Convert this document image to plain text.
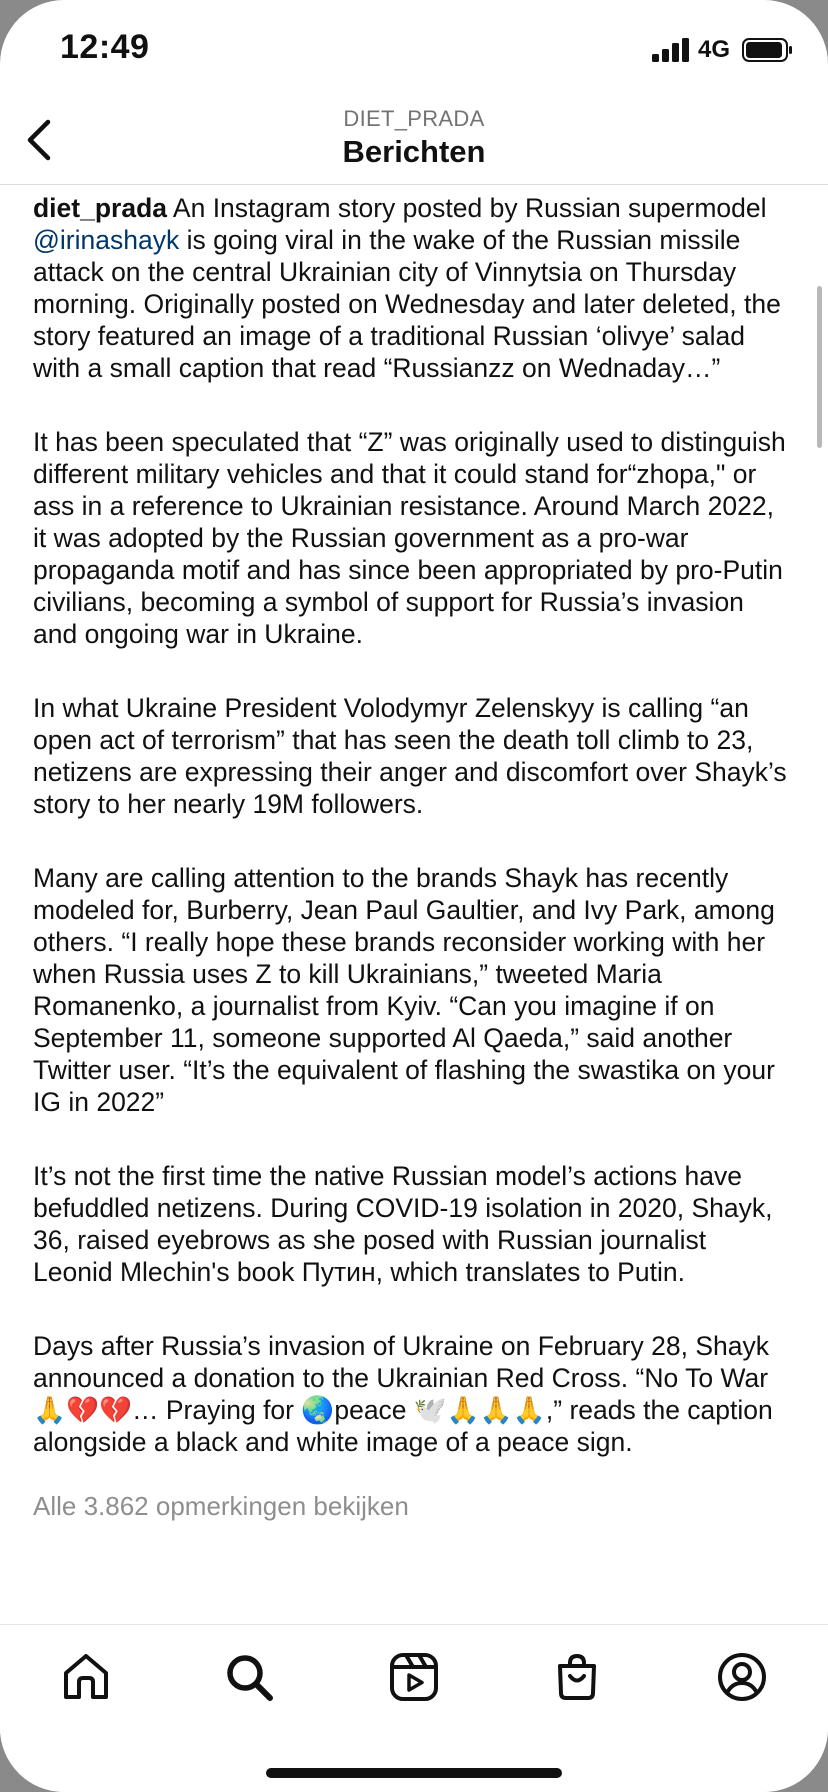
12:49	4G
DIET_PRADA
Berichten

diet_prada An Instagram story posted by Russian supermodel @irinashayk is going viral in the wake of the Russian missile attack on the central Ukrainian city of Vinnytsia on Thursday morning. Originally posted on Wednesday and later deleted, the story featured an image of a traditional Russian ‘olivye’ salad with a small caption that read “Russianzz on Wednaday…”

It has been speculated that “Z” was originally used to distinguish different military vehicles and that it could stand for“zhopa," or ass in a reference to Ukrainian resistance. Around March 2022, it was adopted by the Russian government as a pro-war propaganda motif and has since been appropriated by pro-Putin civilians, becoming a symbol of support for Russia’s invasion and ongoing war in Ukraine.

In what Ukraine President Volodymyr Zelenskyy is calling “an open act of terrorism” that has seen the death toll climb to 23, netizens are expressing their anger and discomfort over Shayk’s story to her nearly 19M followers.

Many are calling attention to the brands Shayk has recently modeled for, Burberry, Jean Paul Gaultier, and Ivy Park, among others. “I really hope these brands reconsider working with her when Russia uses Z to kill Ukrainians,” tweeted Maria Romanenko, a journalist from Kyiv. “Can you imagine if on September 11, someone supported Al Qaeda,” said another Twitter user. “It’s the equivalent of flashing the swastika on your IG in 2022”

It’s not the first time the native Russian model’s actions have befuddled netizens. During COVID-19 isolation in 2020, Shayk, 36, raised eyebrows as she posed with Russian journalist Leonid Mlechin's book Путин, which translates to Putin.

Days after Russia’s invasion of Ukraine on February 28, Shayk announced a donation to the Ukrainian Red Cross. “No To War 🙏💔💔… Praying for 🌏peace 🕊️🙏🙏🙏,” reads the caption alongside a black and white image of a peace sign.

Alle 3.862 opmerkingen bekijken
